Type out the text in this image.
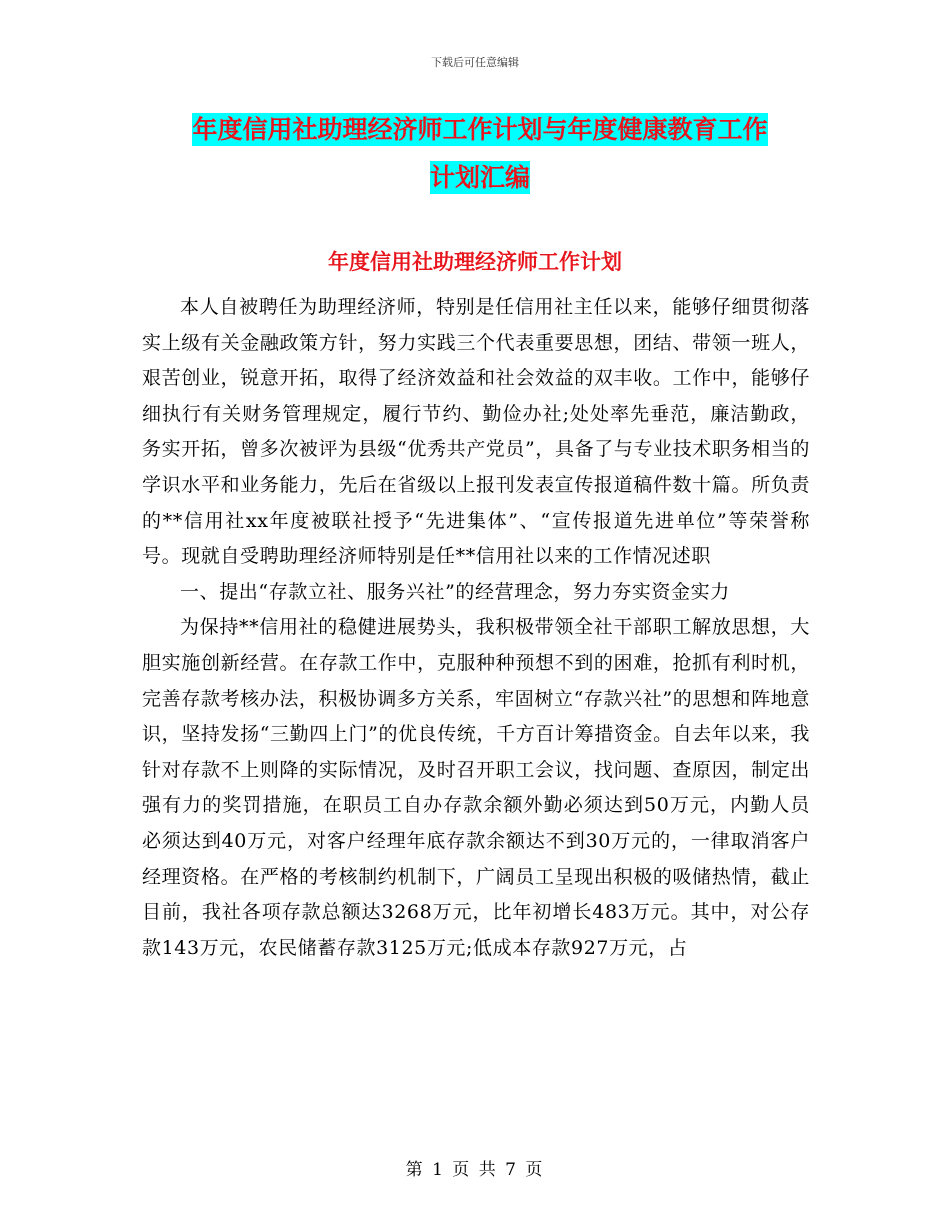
下载后可任意编辑
年度信用社助理经济师工作计划与年度健康教育工作
计划汇编
年度信用社助理经济师工作计划

本人自被聘任为助理经济师，特别是任信用社主任以来，能够仔细贯彻落实上级有关金融政策方针，努力实践三个代表重要思想，团结、带领一班人，艰苦创业，锐意开拓，取得了经济效益和社会效益的双丰收。工作中，能够仔细执行有关财务管理规定，履行节约、勤俭办社;处处率先垂范，廉洁勤政，务实开拓，曾多次被评为县级“优秀共产党员”，具备了与专业技术职务相当的学识水平和业务能力，先后在省级以上报刊发表宣传报道稿件数十篇。所负责的**信用社xx年度被联社授予“先进集体”、“宣传报道先进单位”等荣誉称号。现就自受聘助理经济师特别是任**信用社以来的工作情况述职

一、提出“存款立社、服务兴社”的经营理念，努力夯实资金实力

为保持**信用社的稳健进展势头，我积极带领全社干部职工解放思想，大胆实施创新经营。在存款工作中，克服种种预想不到的困难，抢抓有利时机，完善存款考核办法，积极协调多方关系，牢固树立“存款兴社”的思想和阵地意识，坚持发扬“三勤四上门”的优良传统，千方百计筹措资金。自去年以来，我针对存款不上则降的实际情况，及时召开职工会议，找问题、查原因，制定出强有力的奖罚措施，在职员工自办存款余额外勤必须达到50万元，内勤人员必须达到40万元，对客户经理年底存款余额达不到30万元的，一律取消客户经理资格。在严格的考核制约机制下，广阔员工呈现出积极的吸储热情，截止目前，我社各项存款总额达3268万元，比年初增长483万元。其中，对公存款143万元，农民储蓄存款3125万元;低成本存款927万元，占

第 1 页 共 7 页
